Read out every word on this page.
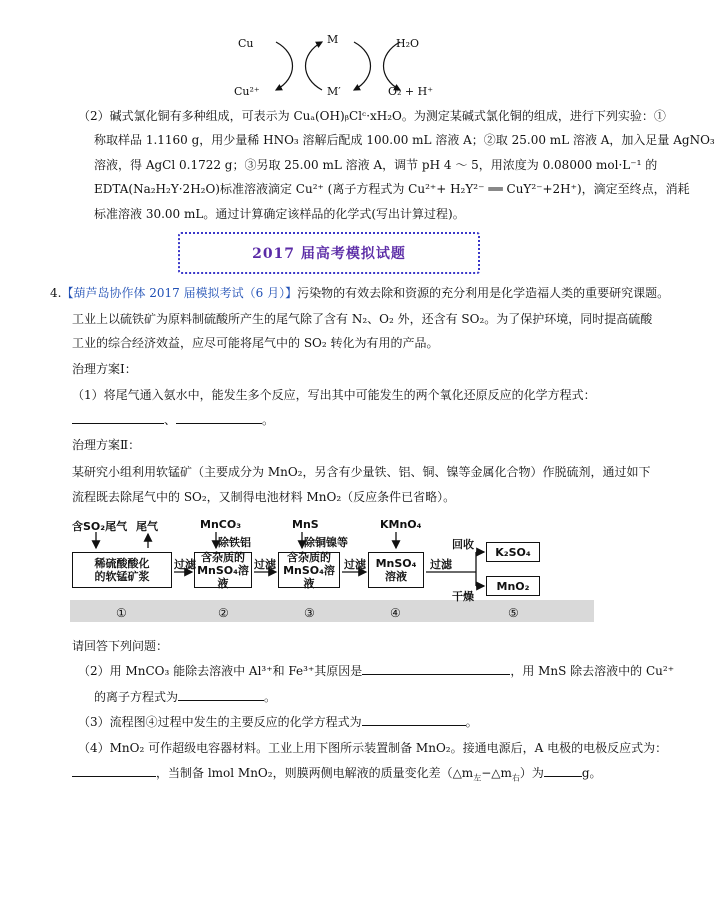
Cu	M	H₂O
Cu²⁺	M′	O₂ + H⁺
（2）碱式氯化铜有多种组成，可表示为 Cuₐ(OH)ᵦClᶜ·xH₂O。为测定某碱式氯化铜的组成，进行下列实验：①
称取样品 1.1160 g，用少量稀 HNO₃ 溶解后配成 100.00 mL 溶液 A；②取 25.00 mL 溶液 A，加入足量 AgNO₃
溶液，得 AgCl 0.1722 g；③另取 25.00 mL 溶液 A，调节 pH 4 ～ 5，用浓度为 0.08000 mol·L⁻¹ 的
EDTA(Na₂H₂Y·2H₂O)标准溶液滴定 Cu²⁺ (离子方程式为 Cu²⁺+ H₂Y²⁻ ══ CuY²⁻+2H⁺)，滴定至终点，消耗
标准溶液 30.00 mL。通过计算确定该样品的化学式(写出计算过程)。
2017 届高考模拟试题
4.【葫芦岛协作体 2017 届模拟考试（6 月）】污染物的有效去除和资源的充分利用是化学造福人类的重要研究课题。
工业上以硫铁矿为原料制硫酸所产生的尾气除了含有 N₂、O₂ 外，还含有 SO₂。为了保护环境，同时提高硫酸
工业的综合经济效益，应尽可能将尾气中的 SO₂ 转化为有用的产品。
治理方案Ⅰ：
（1）将尾气通入氨水中，能发生多个反应，写出其中可能发生的两个氧化还原反应的化学方程式：
、	。
治理方案Ⅱ：
某研究小组利用软锰矿（主要成分为 MnO₂，另含有少量铁、铝、铜、镍等金属化合物）作脱硫剂，通过如下
流程既去除尾气中的 SO₂，又制得电池材料 MnO₂（反应条件已省略）。
含SO₂尾气 尾气	MnCO₃
除铁铝
MnS
除铜镍等
KMnO₄
稀硫酸酸化
的软锰矿浆
过滤
含杂质的
MnSO₄溶液
过滤
含杂质的
MnSO₄溶液
过滤 MnSO₄
溶液
过滤
回收
干燥
K₂SO₄
MnO₂
①	②	③	④	⑤
请回答下列问题：
（2）用 MnCO₃ 能除去溶液中 Al³⁺和 Fe³⁺其原因是	，用 MnS 除去溶液中的 Cu²⁺
的离子方程式为	。
（3）流程图④过程中发生的主要反应的化学方程式为	。
（4）MnO₂ 可作超级电容器材料。工业上用下图所示装置制备 MnO₂。接通电源后，A 电极的电极反应式为：
，当制备 lmol MnO₂，则膜两侧电解液的质量变化差$(\triangle m_左-\triangle m_右)$为	g。
